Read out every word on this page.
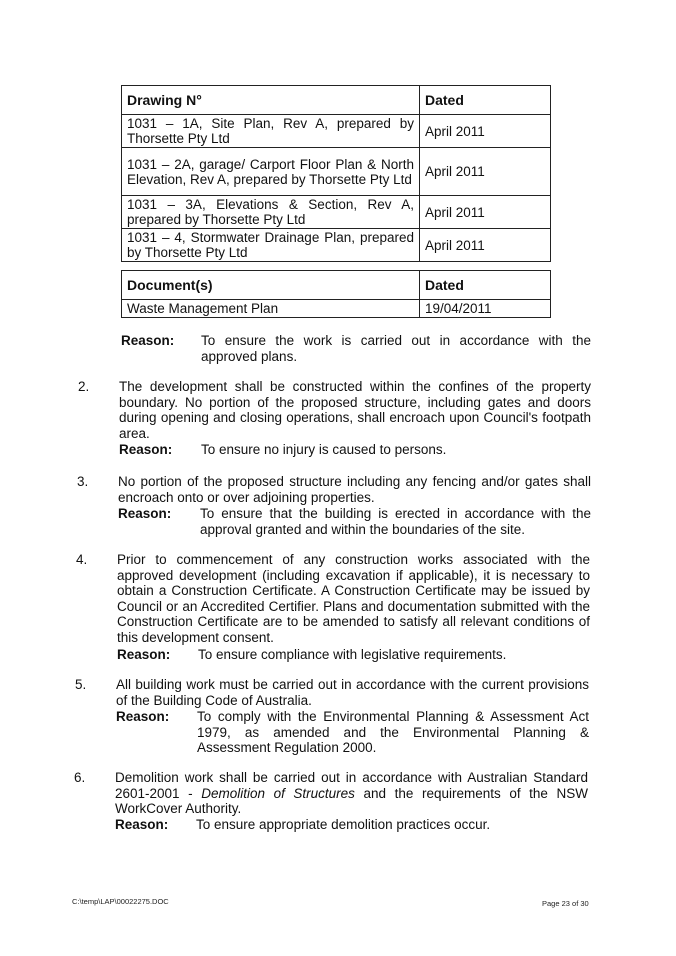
Drawing N°	Dated
1031 – 1A, Site Plan, Rev A, prepared by Thorsette Pty Ltd	April 2011
1031 – 2A, garage/ Carport Floor Plan & North Elevation, Rev A, prepared by Thorsette Pty Ltd	April 2011
1031 – 3A, Elevations & Section, Rev A, prepared by Thorsette Pty Ltd	April 2011
1031 – 4, Stormwater Drainage Plan, prepared by Thorsette Pty Ltd	April 2011
Document(s)	Dated
Waste Management Plan	19/04/2011
Reason: To ensure the work is carried out in accordance with the approved plans.
2. The development shall be constructed within the confines of the property boundary. No portion of the proposed structure, including gates and doors during opening and closing operations, shall encroach upon Council's footpath area.
Reason: To ensure no injury is caused to persons.
3. No portion of the proposed structure including any fencing and/or gates shall encroach onto or over adjoining properties.
Reason: To ensure that the building is erected in accordance with the approval granted and within the boundaries of the site.
4. Prior to commencement of any construction works associated with the approved development (including excavation if applicable), it is necessary to obtain a Construction Certificate. A Construction Certificate may be issued by Council or an Accredited Certifier. Plans and documentation submitted with the Construction Certificate are to be amended to satisfy all relevant conditions of this development consent.
Reason: To ensure compliance with legislative requirements.
5. All building work must be carried out in accordance with the current provisions of the Building Code of Australia.
Reason: To comply with the Environmental Planning & Assessment Act 1979, as amended and the Environmental Planning & Assessment Regulation 2000.
6. Demolition work shall be carried out in accordance with Australian Standard 2601-2001 - Demolition of Structures and the requirements of the NSW WorkCover Authority.
Reason: To ensure appropriate demolition practices occur.
C:\temp\LAP\00022275.DOC	Page 23 of 30
